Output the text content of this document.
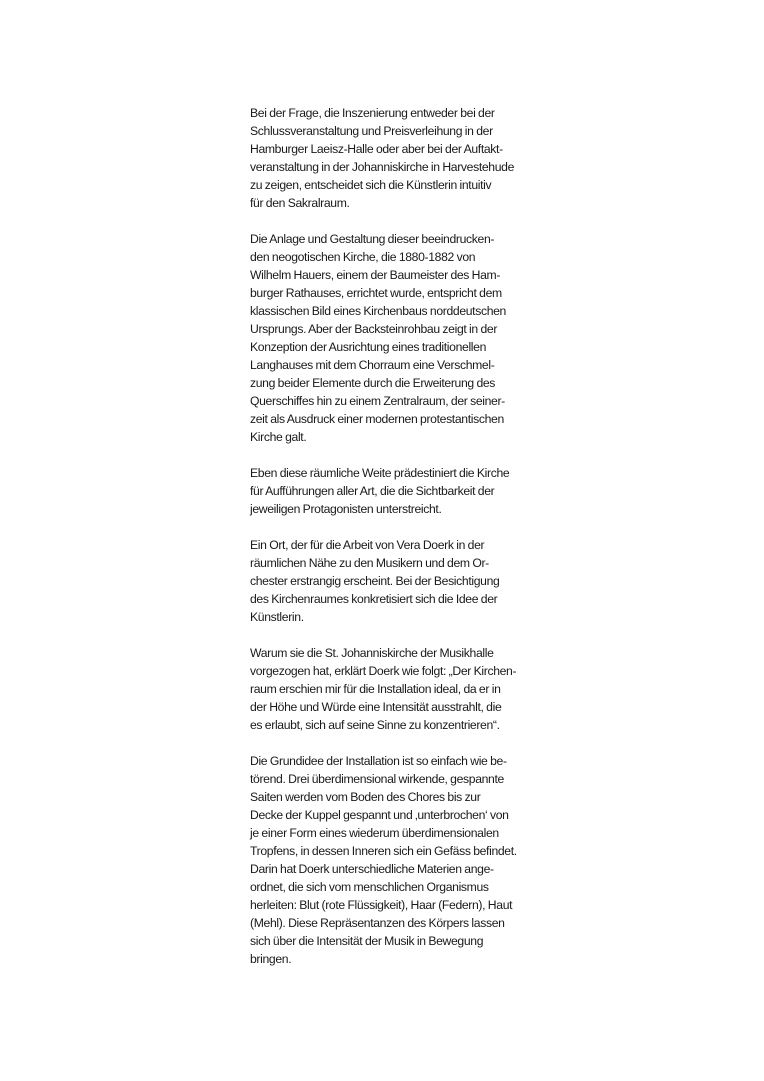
Bei der Frage, die Inszenierung entweder bei der
Schlussveranstaltung und Preisverleihung in der
Hamburger Laeisz-Halle oder aber bei der Auftakt-
veranstaltung in der Johanniskirche in Harvestehude
zu zeigen, entscheidet sich die Künstlerin intuitiv
für den Sakralraum.

Die Anlage und Gestaltung dieser beeindrucken-
den neogotischen Kirche, die 1880-1882 von
Wilhelm Hauers, einem der Baumeister des Ham-
burger Rathauses, errichtet wurde, entspricht dem
klassischen Bild eines Kirchenbaus norddeutschen
Ursprungs. Aber der Backsteinrohbau zeigt in der
Konzeption der Ausrichtung eines traditionellen
Langhauses mit dem Chorraum eine Verschmel-
zung beider Elemente durch die Erweiterung des
Querschiffes hin zu einem Zentralraum, der seiner-
zeit als Ausdruck einer modernen protestantischen
Kirche galt.

Eben diese räumliche Weite prädestiniert die Kirche
für Aufführungen aller Art, die die Sichtbarkeit der
jeweiligen Protagonisten unterstreicht.

Ein Ort, der für die Arbeit von Vera Doerk in der
räumlichen Nähe zu den Musikern und dem Or-
chester erstrangig erscheint. Bei der Besichtigung
des Kirchenraumes konkretisiert sich die Idee der
Künstlerin.

Warum sie die St. Johanniskirche der Musikhalle
vorgezogen hat, erklärt Doerk wie folgt: „Der Kirchen-
raum erschien mir für die Installation ideal, da er in
der Höhe und Würde eine Intensität ausstrahlt, die
es erlaubt, sich auf seine Sinne zu konzentrieren“.

Die Grundidee der Installation ist so einfach wie be-
törend. Drei überdimensional wirkende, gespannte
Saiten werden vom Boden des Chores bis zur
Decke der Kuppel gespannt und ‚unterbrochen‘ von
je einer Form eines wiederum überdimensionalen
Tropfens, in dessen Inneren sich ein Gefäss befindet.
Darin hat Doerk unterschiedliche Materien ange-
ordnet, die sich vom menschlichen Organismus
herleiten: Blut (rote Flüssigkeit), Haar (Federn), Haut
(Mehl). Diese Repräsentanzen des Körpers lassen
sich über die Intensität der Musik in Bewegung
bringen.
